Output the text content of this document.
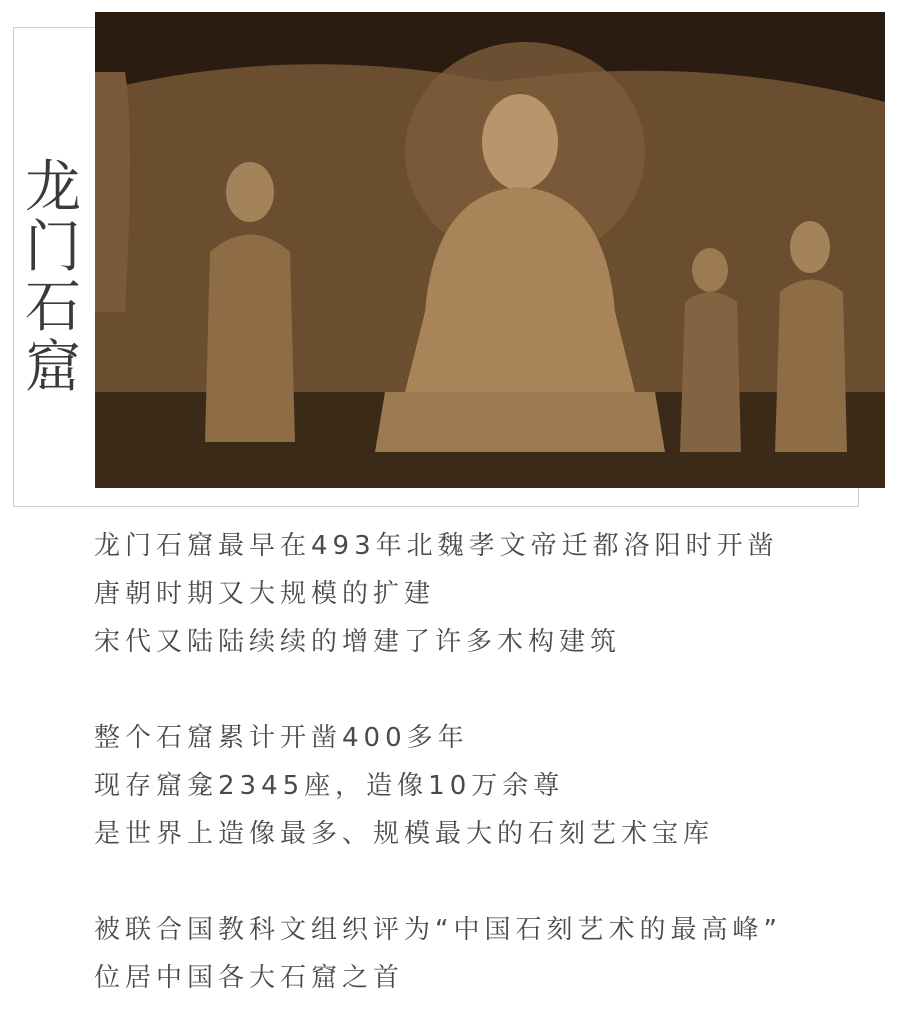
龙
门
石
窟
龙门石窟最早在493年北魏孝文帝迁都洛阳时开凿
唐朝时期又大规模的扩建
宋代又陆陆续续的增建了许多木构建筑
整个石窟累计开凿400多年
现存窟龛2345座，造像10万余尊
是世界上造像最多、规模最大的石刻艺术宝库
被联合国教科文组织评为“中国石刻艺术的最高峰”
位居中国各大石窟之首
